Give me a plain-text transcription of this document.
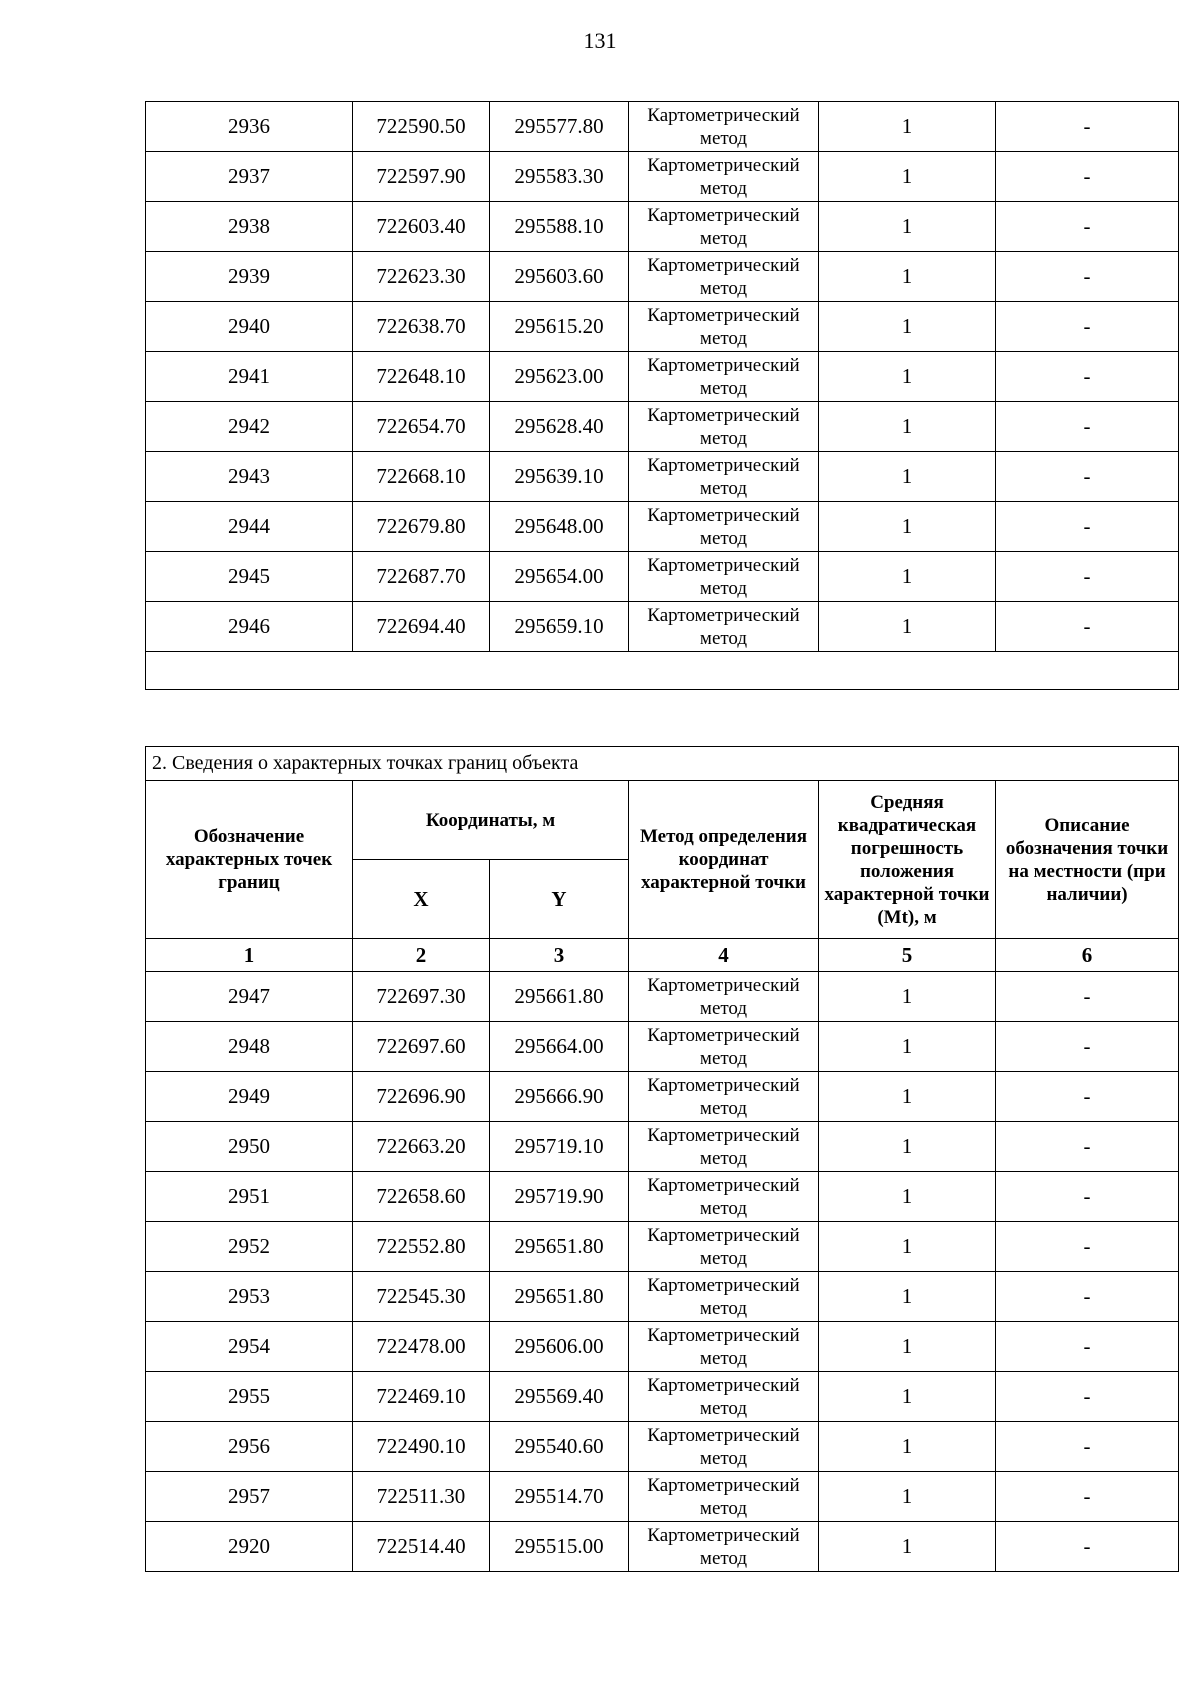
131
2936	722590.50	295577.80	Картометрический метод	1	-
2937	722597.90	295583.30	Картометрический метод	1	-
2938	722603.40	295588.10	Картометрический метод	1	-
2939	722623.30	295603.60	Картометрический метод	1	-
2940	722638.70	295615.20	Картометрический метод	1	-
2941	722648.10	295623.00	Картометрический метод	1	-
2942	722654.70	295628.40	Картометрический метод	1	-
2943	722668.10	295639.10	Картометрический метод	1	-
2944	722679.80	295648.00	Картометрический метод	1	-
2945	722687.70	295654.00	Картометрический метод	1	-
2946	722694.40	295659.10	Картометрический метод	1	-

2. Сведения о характерных точках границ объекта					
Обозначение характерных точек границ	Координаты, м		Метод определения координат характерной точки	Средняя квадратическая погрешность положения характерной точки (Mt), м	Описание обозначения точки на местности (при наличии)
	X	Y			
1	2	3	4	5	6
2947	722697.30	295661.80	Картометрический метод	1	-
2948	722697.60	295664.00	Картометрический метод	1	-
2949	722696.90	295666.90	Картометрический метод	1	-
2950	722663.20	295719.10	Картометрический метод	1	-
2951	722658.60	295719.90	Картометрический метод	1	-
2952	722552.80	295651.80	Картометрический метод	1	-
2953	722545.30	295651.80	Картометрический метод	1	-
2954	722478.00	295606.00	Картометрический метод	1	-
2955	722469.10	295569.40	Картометрический метод	1	-
2956	722490.10	295540.60	Картометрический метод	1	-
2957	722511.30	295514.70	Картометрический метод	1	-
2920	722514.40	295515.00	Картометрический метод	1	-
